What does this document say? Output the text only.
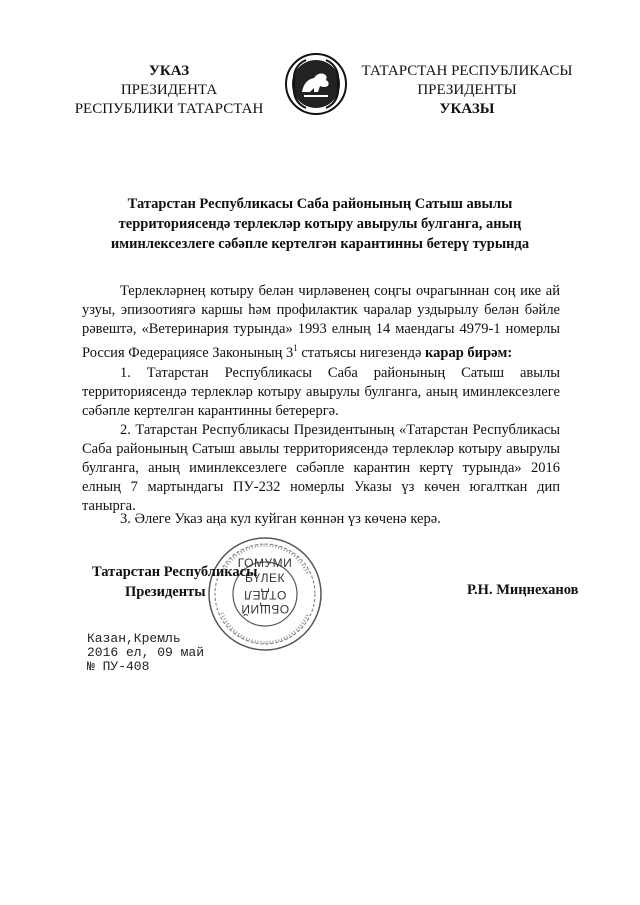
УКАЗ
ПРЕЗИДЕНТА
РЕСПУБЛИКИ ТАТАРСТАН
ТАТАРСТАН РЕСПУБЛИКАСЫ
ПРЕЗИДЕНТЫ
УКАЗЫ
Татарстан Республикасы Саба районының Сатыш авылы
территориясендә терлекләр котыру авырулы булганга, аның
иминлексезлеге сәбәпле кертелгән карантинны бетерү турында
Терлекләрнең котыру белән чирләвенең соңгы очрагыннан соң ике ай узуы, эпизоотиягә каршы һәм профилактик чаралар уздырылу белән бәйле рәвештә, «Ветеринария турында» 1993 елның 14 маендагы 4979-1 номерлы Россия Федерациясе Законының $3^1$ статьясы нигезендә карар бирәм:
1. Татарстан Республикасы Саба районының Сатыш авылы территориясендә терлекләр котыру авырулы булганга, аның иминлексезлеге сәбәпле кертелгән карантинны бетерергә.
2. Татарстан Республикасы Президентының «Татарстан Республикасы Саба районының Сатыш авылы территориясендә терлекләр котыру авырулы булганга, аның иминлексезлеге сәбәпле карантин кертү турында» 2016 елның 7 мартындагы ПУ-232 номерлы Указы үз көчен югалткан дип танырга.
3. Әлеге Указ аңа кул куйган көннән үз көченә керә.
ГОМУМИ
БҮЛЕК
ОТДЕЛ
ОБЩИЙ
Татарстан Республикасы
Президенты	Р.Н. Миңнеханов
Казан,Кремль
2016 ел, 09 май
№ ПУ-408
